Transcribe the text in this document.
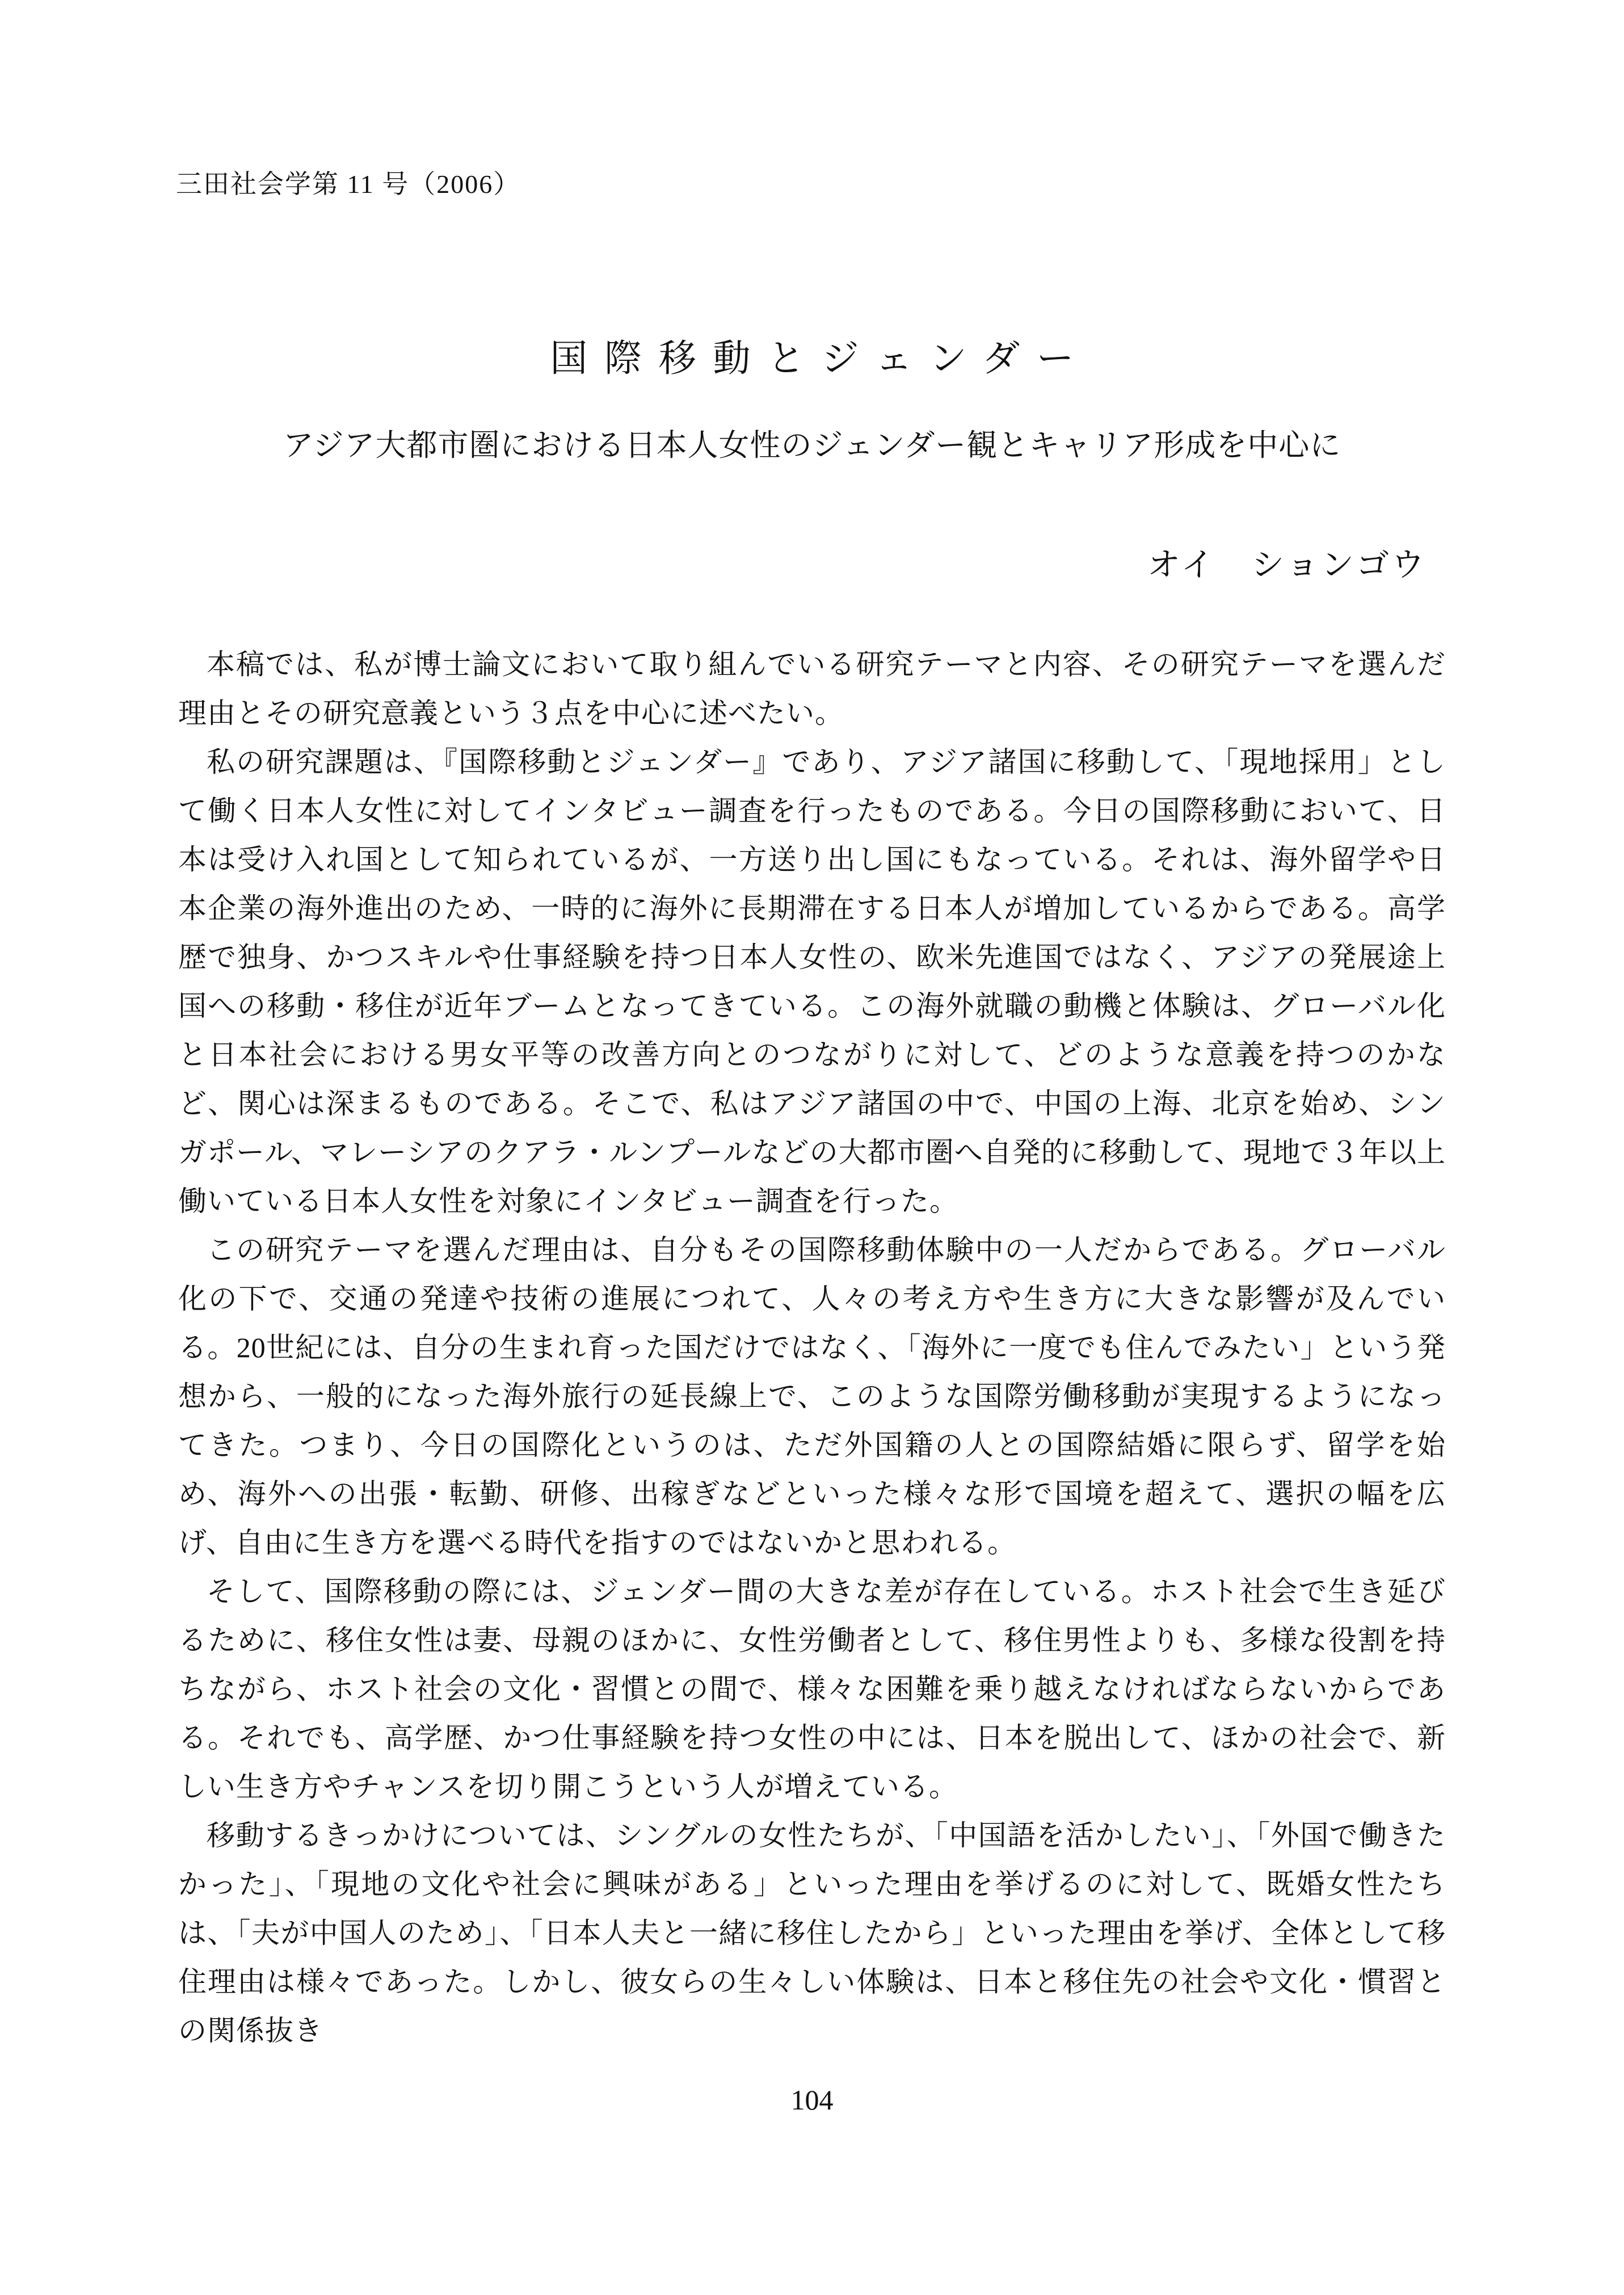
三田社会学第 11 号（2006）
国際移動とジェンダー
アジア大都市圏における日本人女性のジェンダー観とキャリア形成を中心に
オイ　ションゴウ

本稿では、私が博士論文において取り組んでいる研究テーマと内容、その研究テーマを選んだ理由とその研究意義という３点を中心に述べたい。

私の研究課題は、『国際移動とジェンダー』であり、アジア諸国に移動して、「現地採用」として働く日本人女性に対してインタビュー調査を行ったものである。今日の国際移動において、日本は受け入れ国として知られているが、一方送り出し国にもなっている。それは、海外留学や日本企業の海外進出のため、一時的に海外に長期滞在する日本人が増加しているからである。高学歴で独身、かつスキルや仕事経験を持つ日本人女性の、欧米先進国ではなく、アジアの発展途上国への移動・移住が近年ブームとなってきている。この海外就職の動機と体験は、グローバル化と日本社会における男女平等の改善方向とのつながりに対して、どのような意義を持つのかなど、関心は深まるものである。そこで、私はアジア諸国の中で、中国の上海、北京を始め、シンガポール、マレーシアのクアラ・ルンプールなどの大都市圏へ自発的に移動して、現地で３年以上働いている日本人女性を対象にインタビュー調査を行った。

この研究テーマを選んだ理由は、自分もその国際移動体験中の一人だからである。グローバル化の下で、交通の発達や技術の進展につれて、人々の考え方や生き方に大きな影響が及んでいる。20世紀には、自分の生まれ育った国だけではなく、「海外に一度でも住んでみたい」という発想から、一般的になった海外旅行の延長線上で、このような国際労働移動が実現するようになってきた。つまり、今日の国際化というのは、ただ外国籍の人との国際結婚に限らず、留学を始め、海外への出張・転勤、研修、出稼ぎなどといった様々な形で国境を超えて、選択の幅を広げ、自由に生き方を選べる時代を指すのではないかと思われる。

そして、国際移動の際には、ジェンダー間の大きな差が存在している。ホスト社会で生き延びるために、移住女性は妻、母親のほかに、女性労働者として、移住男性よりも、多様な役割を持ちながら、ホスト社会の文化・習慣との間で、様々な困難を乗り越えなければならないからである。それでも、高学歴、かつ仕事経験を持つ女性の中には、日本を脱出して、ほかの社会で、新しい生き方やチャンスを切り開こうという人が増えている。

移動するきっかけについては、シングルの女性たちが、「中国語を活かしたい」、「外国で働きたかった」、「現地の文化や社会に興味がある」といった理由を挙げるのに対して、既婚女性たちは、「夫が中国人のため」、「日本人夫と一緒に移住したから」といった理由を挙げ、全体として移住理由は様々であった。しかし、彼女らの生々しい体験は、日本と移住先の社会や文化・慣習との関係抜き

104
